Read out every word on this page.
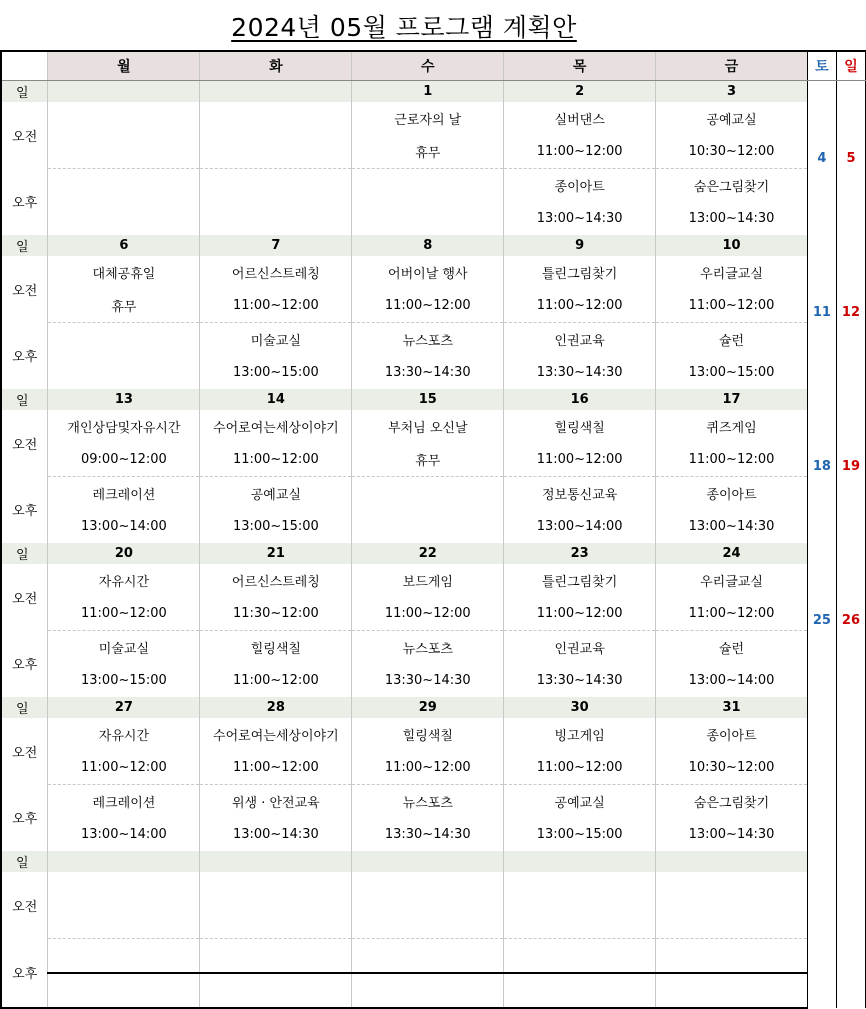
2024년 05월 프로그램 계획안
	월	화	수	목	금	토	일
일			1	2	3	4	5
오전			근로자의 날	실버댄스	공예교실		
			휴무	11:00~12:00	10:30~12:00		
오후				종이아트	숨은그림찾기		
				13:00~14:30	13:00~14:30		
일	6	7	8	9	10	11	12
오전	대체공휴일	어르신스트레칭	어버이날 행사	틀린그림찾기	우리글교실		
	휴무	11:00~12:00	11:00~12:00	11:00~12:00	11:00~12:00		
오후		미술교실	뉴스포츠	인권교육	슐런		
		13:00~15:00	13:30~14:30	13:30~14:30	13:00~15:00		
일	13	14	15	16	17	18	19
오전	개인상담및자유시간	수어로여는세상이야기	부처님 오신날	힐링색칠	퀴즈게임		
	09:00~12:00	11:00~12:00	휴무	11:00~12:00	11:00~12:00		
오후	레크레이션	공예교실		정보통신교육	종이아트		
	13:00~14:00	13:00~15:00		13:00~14:00	13:00~14:30		
일	20	21	22	23	24	25	26
오전	자유시간	어르신스트레칭	보드게임	틀린그림찾기	우리글교실		
	11:00~12:00	11:30~12:00	11:00~12:00	11:00~12:00	11:00~12:00		
오후	미술교실	힐링색칠	뉴스포츠	인권교육	슐런		
	13:00~15:00	11:00~12:00	13:30~14:30	13:30~14:30	13:00~14:00		
일	27	28	29	30	31		
오전	자유시간	수어로여는세상이야기	힐링색칠	빙고게임	종이아트		
	11:00~12:00	11:00~12:00	11:00~12:00	11:00~12:00	10:30~12:00		
오후	레크레이션	위생 · 안전교육	뉴스포츠	공예교실	숨은그림찾기		
	13:00~14:00	13:00~14:30	13:30~14:30	13:00~15:00	13:00~14:30		
일							
오전							

오후							
